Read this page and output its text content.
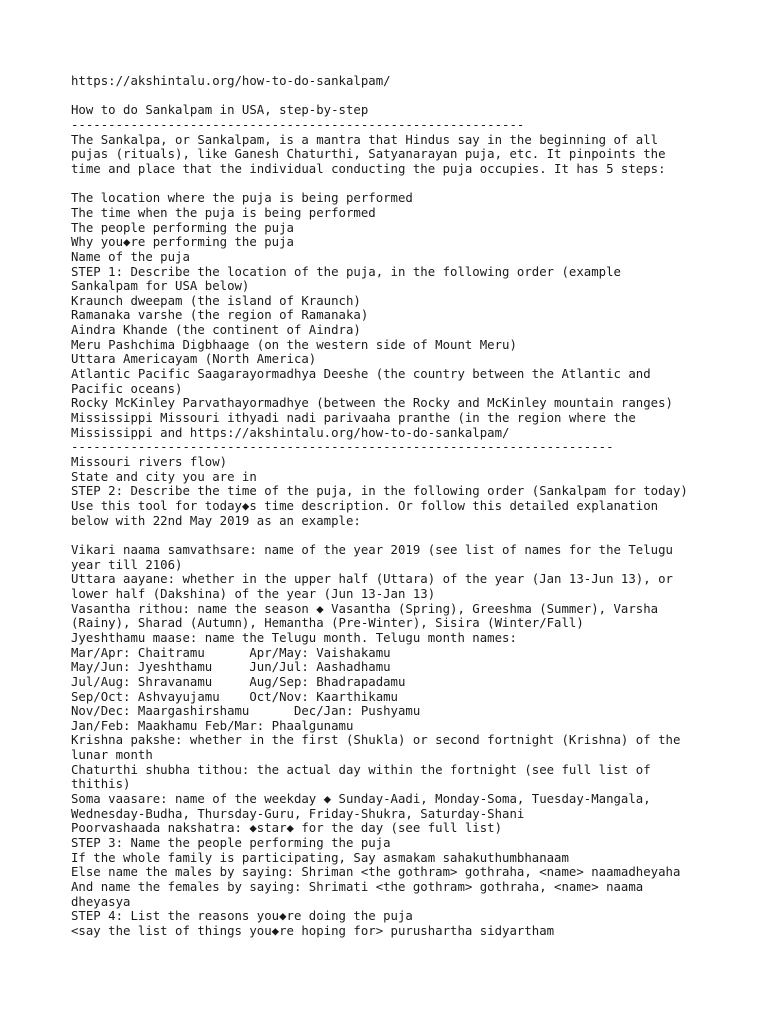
https://akshintalu.org/how-to-do-sankalpam/
How to do Sankalpam in USA, step-by-step
-------------------------------------------------------------
The Sankalpa, or Sankalpam, is a mantra that Hindus say in the beginning of all
pujas (rituals), like Ganesh Chaturthi, Satyanarayan puja, etc. It pinpoints the
time and place that the individual conducting the puja occupies. It has 5 steps:
The location where the puja is being performed
The time when the puja is being performed
The people performing the puja
Why you◆re performing the puja
Name of the puja
STEP 1: Describe the location of the puja, in the following order (example
Sankalpam for USA below)
Kraunch dweepam (the island of Kraunch)
Ramanaka varshe (the region of Ramanaka)
Aindra Khande (the continent of Aindra)
Meru Pashchima Digbhaage (on the western side of Mount Meru)
Uttara Americayam (North America)
Atlantic Pacific Saagarayormadhya Deeshe (the country between the Atlantic and
Pacific oceans)
Rocky McKinley Parvathayormadhye (between the Rocky and McKinley mountain ranges)
Mississippi Missouri ithyadi nadi parivaaha pranthe (in the region where the
Mississippi and https://akshintalu.org/how-to-do-sankalpam/
-------------------------------------------------------------------------
Missouri rivers flow)
State and city you are in
STEP 2: Describe the time of the puja, in the following order (Sankalpam for today)
Use this tool for today◆s time description. Or follow this detailed explanation
below with 22nd May 2019 as an example:
Vikari naama samvathsare: name of the year 2019 (see list of names for the Telugu
year till 2106)
Uttara aayane: whether in the upper half (Uttara) of the year (Jan 13-Jun 13), or
lower half (Dakshina) of the year (Jun 13-Jan 13)
Vasantha rithou: name the season ◆ Vasantha (Spring), Greeshma (Summer), Varsha
(Rainy), Sharad (Autumn), Hemantha (Pre-Winter), Sisira (Winter/Fall)
Jyeshthamu maase: name the Telugu month. Telugu month names:
Mar/Apr: Chaitramu      Apr/May: Vaishakamu
May/Jun: Jyeshthamu     Jun/Jul: Aashadhamu
Jul/Aug: Shravanamu     Aug/Sep: Bhadrapadamu
Sep/Oct: Ashvayujamu    Oct/Nov: Kaarthikamu
Nov/Dec: Maargashirshamu      Dec/Jan: Pushyamu
Jan/Feb: Maakhamu Feb/Mar: Phaalgunamu
Krishna pakshe: whether in the first (Shukla) or second fortnight (Krishna) of the
lunar month
Chaturthi shubha tithou: the actual day within the fortnight (see full list of
thithis)
Soma vaasare: name of the weekday ◆ Sunday-Aadi, Monday-Soma, Tuesday-Mangala,
Wednesday-Budha, Thursday-Guru, Friday-Shukra, Saturday-Shani
Poorvashaada nakshatra: ◆star◆ for the day (see full list)
STEP 3: Name the people performing the puja
If the whole family is participating, Say asmakam sahakuthumbhanaam
Else name the males by saying: Shriman <the gothram> gothraha, <name> naamadheyaha
And name the females by saying: Shrimati <the gothram> gothraha, <name> naama
dheyasya
STEP 4: List the reasons you◆re doing the puja
<say the list of things you◆re hoping for> purushartha sidyartham
